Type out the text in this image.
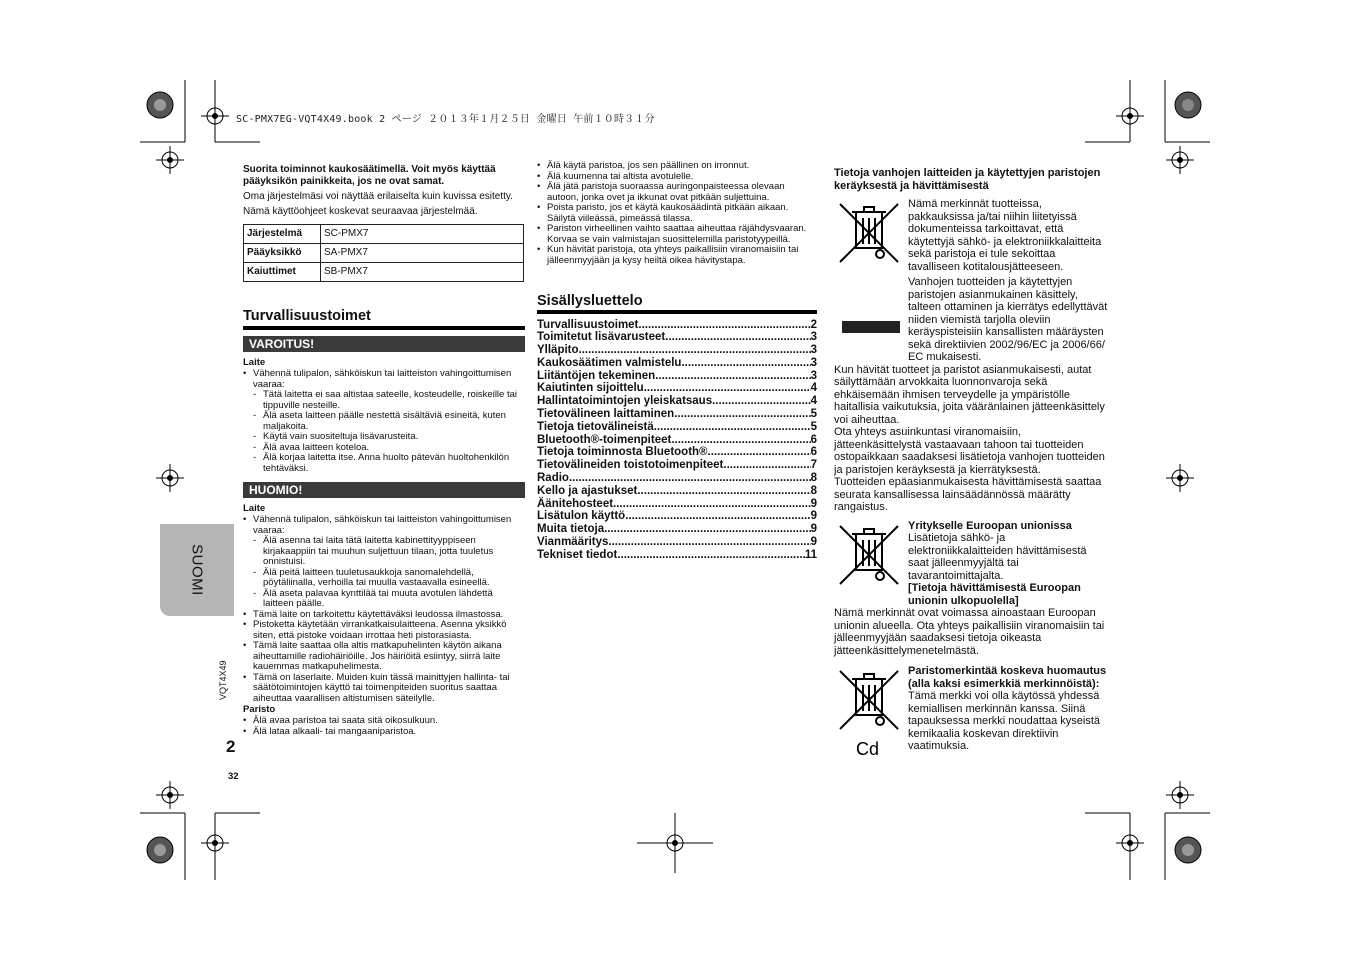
SC-PMX7EG-VQT4X49.book 2 ページ ２０１３年１月２５日 金曜日 午前１０時３１分
SUOMI
VQT4X49
2
32

Suorita toiminnot kaukosäätimellä. Voit myös käyttää pääyksikön painikkeita, jos ne ovat samat.

Oma järjestelmäsi voi näyttää erilaiselta kuin kuvissa esitetty.

Nämä käyttöohjeet koskevat seuraavaa järjestelmää.

Järjestelmä	SC-PMX7
Pääyksikkö	SA-PMX7
Kaiuttimet	SB-PMX7
Turvallisuustoimet
VAROITUS!
Laite
• Vähennä tulipalon, sähköiskun tai laitteiston vahingoittumisen vaaraa:
- Tätä laitetta ei saa altistaa sateelle, kosteudelle, roiskeille tai tippuville nesteille.
- Älä aseta laitteen päälle nestettä sisältäviä esineitä, kuten maljakoita.
- Käytä vain suositeltuja lisävarusteita.
- Älä avaa laitteen koteloa.
- Älä korjaa laitetta itse. Anna huolto pätevän huoltohenkilön tehtäväksi.
HUOMIO!
Laite
• Vähennä tulipalon, sähköiskun tai laitteiston vahingoittumisen vaaraa:
- Älä asenna tai laita tätä laitetta kabinettityyppiseen kirjakaappiin tai muuhun suljettuun tilaan, jotta tuuletus onnistuisi.
- Älä peitä laitteen tuuletusaukkoja sanomalehdellä, pöytäliinalla, verhoilla tai muulla vastaavalla esineellä.
- Älä aseta palavaa kynttilää tai muuta avotulen lähdettä laitteen päälle.
• Tämä laite on tarkoitettu käytettäväksi leudossa ilmastossa.
• Pistoketta käytetään virrankatkaisulaitteena. Asenna yksikkö siten, että pistoke voidaan irrottaa heti pistorasiasta.
• Tämä laite saattaa olla altis matkapuhelinten käytön aikana aiheuttamille radiohäiriöille. Jos häiriöitä esiintyy, siirrä laite kauemmas matkapuhelimesta.
• Tämä on laserlaite. Muiden kuin tässä mainittyjen hallinta- tai säätötoimintojen käyttö tai toimenpiteiden suoritus saattaa aiheuttaa vaarallisen altistumisen säteilylle.
Paristo
• Älä avaa paristoa tai saata sitä oikosulkuun.
• Älä lataa alkaali- tai mangaaniparistoa.
• Älä käytä paristoa, jos sen päällinen on irronnut.
• Älä kuumenna tai altista avotulelle.
• Älä jätä paristoja suoraassa auringonpaisteessa olevaan autoon, jonka ovet ja ikkunat ovat pitkään suljettuina.
• Poista paristo, jos et käytä kaukosäädintä pitkään aikaan. Säilytä viileässä, pimeässä tilassa.
• Pariston virheellinen vaihto saattaa aiheuttaa räjähdysvaaran. Korvaa se vain valmistajan suosittelemilla paristotyypeillä.
• Kun hävität paristoja, ota yhteys paikallisiin viranomaisiin tai jälleenmyyjään ja kysy heiltä oikea hävitystapa.
Sisällysluettelo
Turvallisuustoimet .....	2
Toimitetut lisävarusteet .....	3
Ylläpito .....	3
Kaukosäätimen valmistelu .....	3
Liitäntöjen tekeminen .....	3
Kaiutinten sijoittelu .....	4
Hallintatoimintojen yleiskatsaus .....	4
Tietovälineen laittaminen .....	5
Tietoja tietovälineistä .....	5
Bluetooth®-toimenpiteet .....	6
Tietoja toiminnosta Bluetooth® .....	6
Tietovälineiden toistotoimenpiteet .....	7
Radio .....	8
Kello ja ajastukset .....	8
Äänitehosteet .....	9
Lisätulon käyttö .....	9
Muita tietoja .....	9
Vianmääritys .....	9
Tekniset tiedot .....	11

Tietoja vanhojen laitteiden ja käytettyjen paristojen keräyksestä ja hävittämisestä

Nämä merkinnät tuotteissa, pakkauksissa ja/tai niihin liitetyissä dokumenteissa tarkoittavat, että käytettyjä sähkö- ja elektroniikkalaitteita sekä paristoja ei tule sekoittaa tavalliseen kotitalousjätteeseen.

Vanhojen tuotteiden ja käytettyjen paristojen asianmukainen käsittely, talteen ottaminen ja kierrätys edellyttävät niiden viemistä tarjolla oleviin keräyspisteisiin kansallisten määräysten sekä direktiivien 2002/96/EC ja 2006/66/ EC mukaisesti.

Kun hävität tuotteet ja paristot asianmukaisesti, autat säilyttämään arvokkaita luonnonvaroja sekä ehkäisemään ihmisen terveydelle ja ympäristölle haitallisia vaikutuksia, joita vääränlainen jätteenkäsittely voi aiheuttaa.

Ota yhteys asuinkuntasi viranomaisiin, jätteenkäsittelystä vastaavaan tahoon tai tuotteiden ostopaikkaan saadaksesi lisätietoja vanhojen tuotteiden ja paristojen keräyksestä ja kierrätyksestä.

Tuotteiden epäasianmukaisesta hävittämisestä saattaa seurata kansallisessa lainsäädännössä määrätty rangaistus.

Yritykselle Euroopan unionissa

Lisätietoja sähkö- ja elektroniikkalaitteiden hävittämisestä saat jälleenmyyjältä tai tavarantoimittajalta.

[Tietoja hävittämisestä Euroopan unionin ulkopuolella]

Nämä merkinnät ovat voimassa ainoastaan Euroopan unionin alueella. Ota yhteys paikallisiin viranomaisiin tai jälleenmyyjään saadaksesi tietoja oikeasta jätteenkäsittelymenetelmästä.

Cd

Paristomerkintää koskeva huomautus (alla kaksi esimerkkiä merkinnöistä):

Tämä merkki voi olla käytössä yhdessä kemiallisen merkinnän kanssa. Siinä tapauksessa merkki noudattaa kyseistä kemikaalia koskevan direktiivin vaatimuksia.
